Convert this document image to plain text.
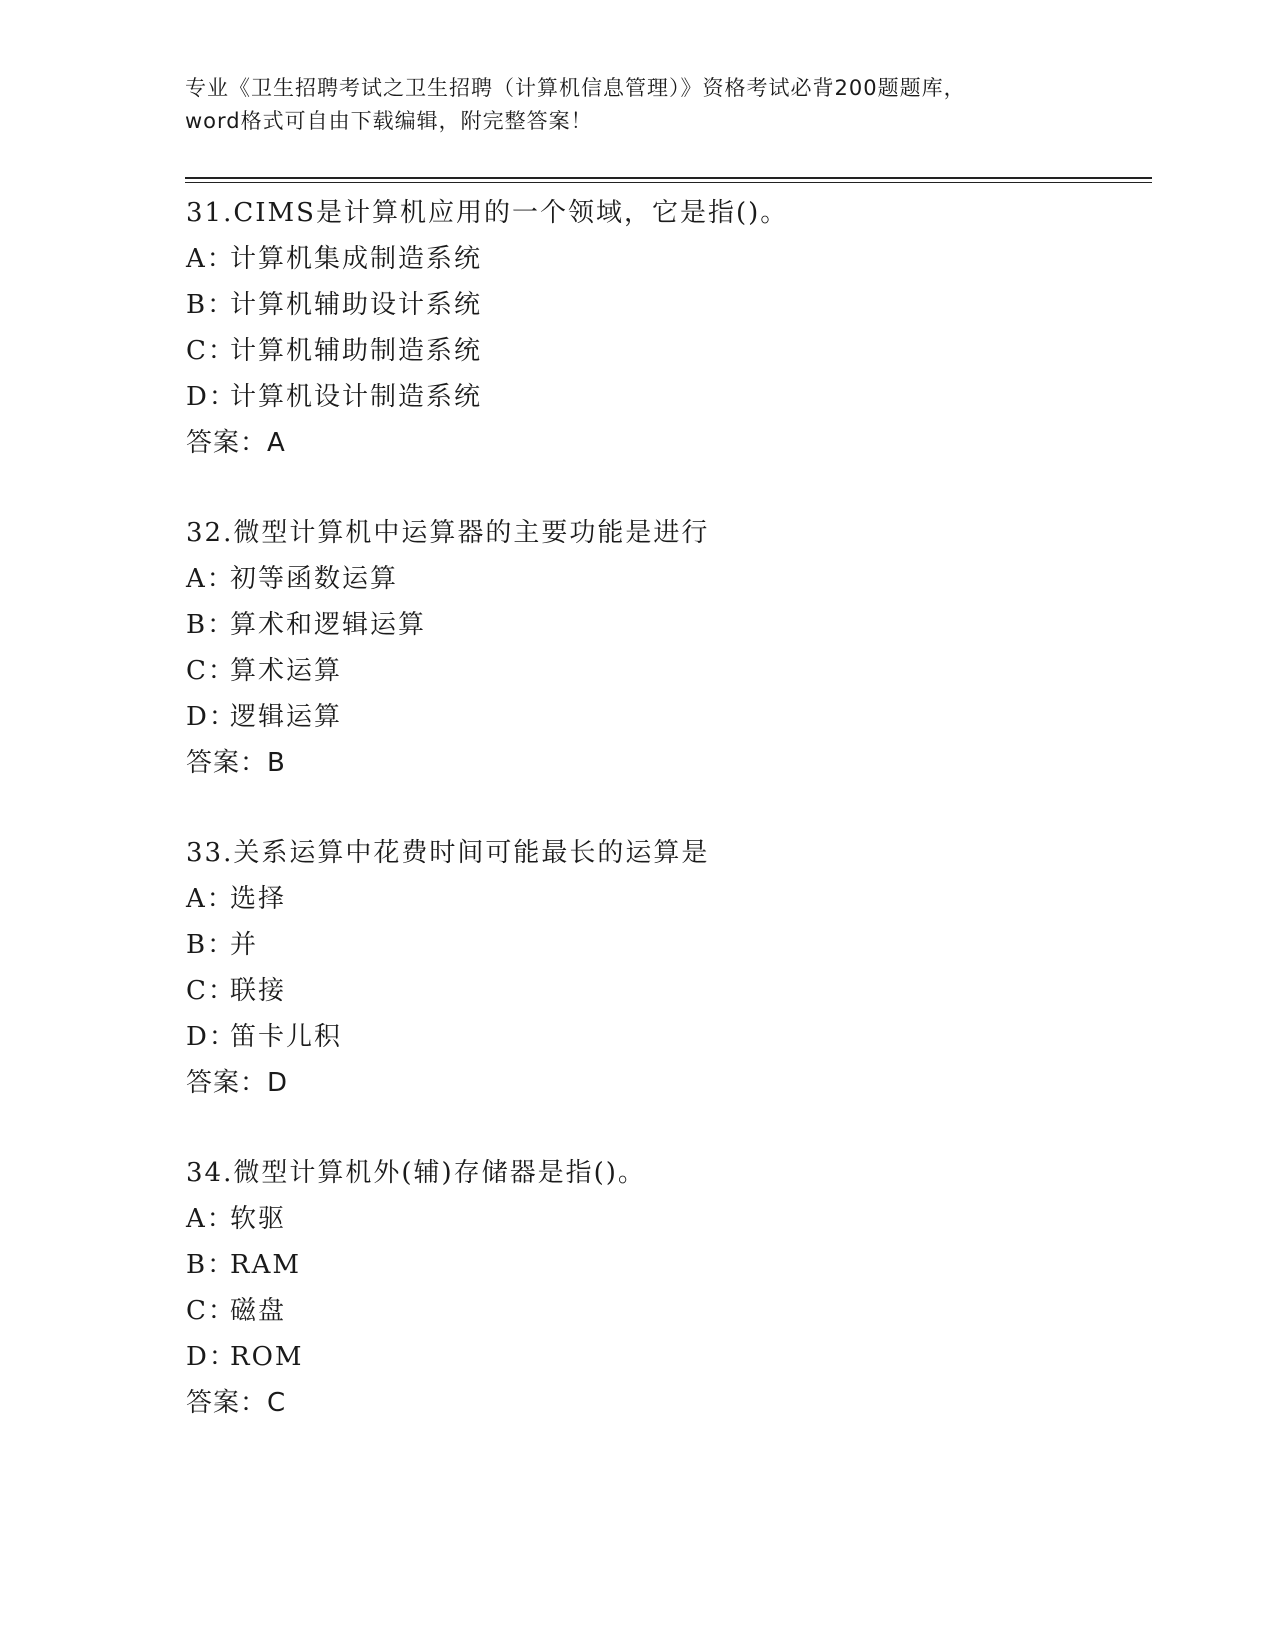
专业《卫生招聘考试之卫生招聘（计算机信息管理）》资格考试必背200题题库，
word格式可自由下载编辑，附完整答案！
31.CIMS是计算机应用的一个领域，它是指()。
A：计算机集成制造系统
B：计算机辅助设计系统
C：计算机辅助制造系统
D：计算机设计制造系统
答案：A
32.微型计算机中运算器的主要功能是进行
A：初等函数运算
B：算术和逻辑运算
C：算术运算
D：逻辑运算
答案：B
33.关系运算中花费时间可能最长的运算是
A：选择
B：并
C：联接
D：笛卡儿积
答案：D
34.微型计算机外(辅)存储器是指()。
A：软驱
B：RAM
C：磁盘
D：ROM
答案：C
